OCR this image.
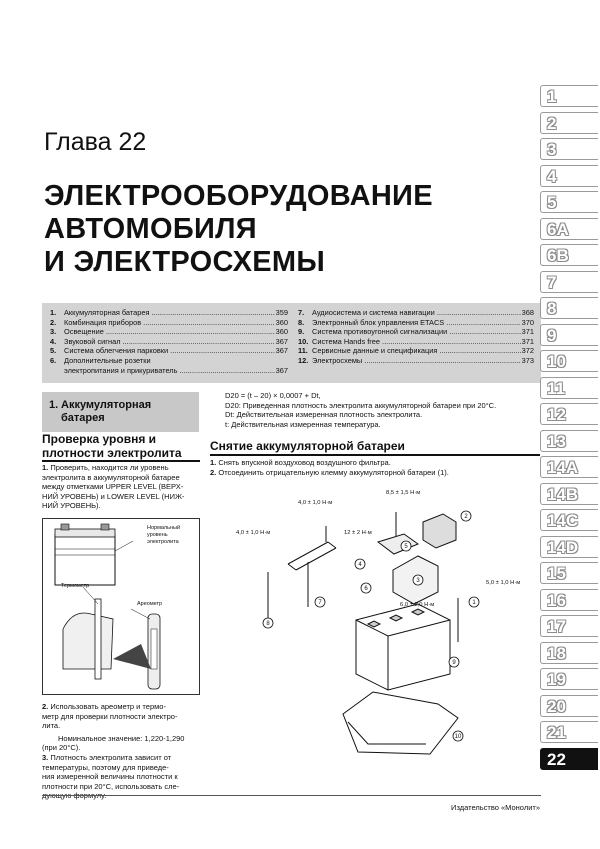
Глава 22
ЭЛЕКТРООБОРУДОВАНИЕ
АВТОМОБИЛЯ
И ЭЛЕКТРОСХЕМЫ
1.	Аккумуляторная батарея .....	359
2.	Комбинация приборов .....	360
3.	Освещение .....	360
4.	Звуковой сигнал .....	367
5.	Система облегчения парковки .....	367
6.	Дополнительные розетки
электропитания и прикуриватель .....	367
7.	Аудиосистема и система навигации .....	368
8.	Электронный блок управления ETACS .....	370
9.	Система противоугонной сигнализации .....	371
10. Система Hands free .....	371
11. Сервисные данные и спецификация .....	372
12. Электросхемы .....	373
1
2
3
4
5
6A
6B
7
8
9
10
11
12
13
14A
14B
14C
14D
15
16
17
18
19
20
21
22
1. Аккумуляторная
батарея
D20 = (t – 20) × 0,0007 + Dt,
D20: Приведенная плотность электролита аккумуляторной батареи при 20°С.
Dt: Действительная измеренная плотность электролита.
t: Действительная измеренная температура.
Проверка уровня и
плотности электролита
1. Проверить, находится ли уровень
электролита в аккумуляторной батарее
между отметками UPPER LEVEL (ВЕРХ-
НИЙ УРОВЕНЬ) и LOWER LEVEL (НИЖ-
НИЙ УРОВЕНЬ).
Нормальный
уровень
электролита
Термометр
Ареометр
2. Использовать ареометр и термо-
метр для проверки плотности электро-
лита.
Номинальное значение: 1,220-1,290
(при 20°С).
3. Плотность электролита зависит от
температуры, поэтому для приведе-
ния измеренной величины плотности к
плотности при 20°С, использовать сле-
Снятие аккумуляторной батареи
1. Снять впускной воздуховод воздушного фильтра.
2. Отсоединить отрицательную клемму аккумуляторной батареи (1).
1
2
3
4
5
6
7
8
9
10
8,5 ± 1,5 Н·м
4,0 ± 1,0 Н·м
4,0 ± 1,0 Н·м	12 ± 2 Н·м
5,0 ± 1,0 Н·м
6,0 ± 2,0 Н·м
Издательство «Монолит»
